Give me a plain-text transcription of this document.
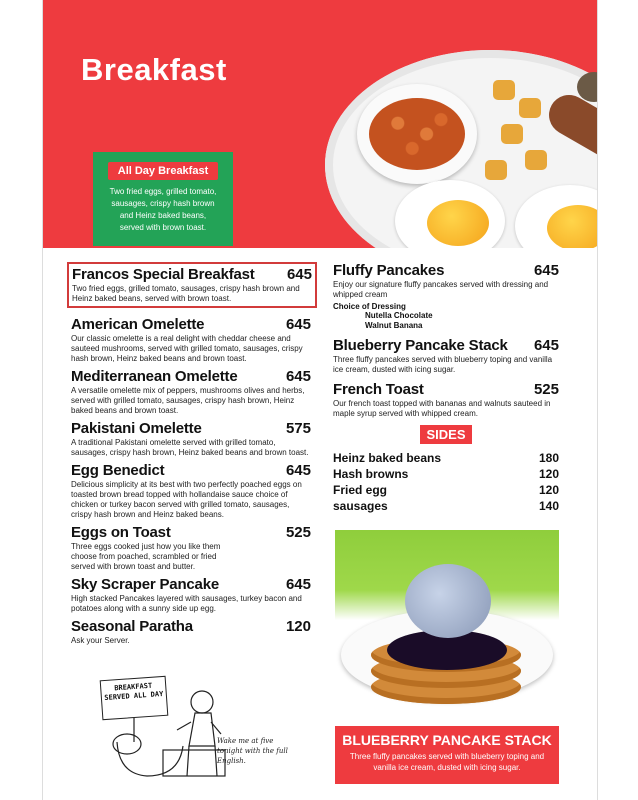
Breakfast
All Day Breakfast
Two fried eggs, grilled tomato, sausages, crispy hash brown and Heinz baked beans, served with brown toast.
Francos Special Breakfast 645
Two fried eggs, grilled tomato, sausages, crispy hash brown and Heinz baked beans, served with brown toast.
American Omelette	645
Our classic omelette is a real delight with cheddar cheese and sauteed mushrooms, served with grilled tomato, sausages, crispy hash brown, Heinz baked beans and brown toast.
Mediterranean Omelette	645
A versatile omelette mix of peppers, mushrooms olives and herbs, served with grilled tomato, sausages, crispy hash brown, Heinz baked beans and brown toast.
Pakistani Omelette	575
A traditional Pakistani omelette served with grilled tomato, sausages, crispy hash brown, Heinz baked beans and brown toast.
Egg Benedict	645
Delicious simplicity at its best with two perfectly poached eggs on toasted brown bread topped with hollandaise sauce choice of chicken or turkey bacon served with grilled tomato, sausages, crispy hash brown and Heinz baked beans.
Eggs on Toast	525
Three eggs cooked just how you like them choose from poached, scrambled or fried served with brown toast and butter.
Sky Scraper Pancake	645
High stacked Pancakes layered with sausages, turkey bacon and potatoes along with a sunny side up egg.
Seasonal Paratha	120
Ask your Server.
Fluffy Pancakes	645
Enjoy our signature fluffy pancakes served with dressing and whipped cream
Choice of Dressing
Nutella Chocolate
Walnut Banana
Blueberry Pancake Stack 645
Three fluffy pancakes served with blueberry toping and vanilla ice cream, dusted with icing sugar.
French Toast	525
Our french toast topped with bananas and walnuts sauteed in maple syrup served with whipped cream.
SIDES
Heinz baked beans	180
Hash browns	120
Fried egg	120
sausages	140
BLUEBERRY PANCAKE STACK
Three fluffy pancakes served with blueberry toping and vanilla ice cream, dusted with icing sugar.
BREAKFAST SERVED ALL DAY
Wake me at five tonight with the full English.
